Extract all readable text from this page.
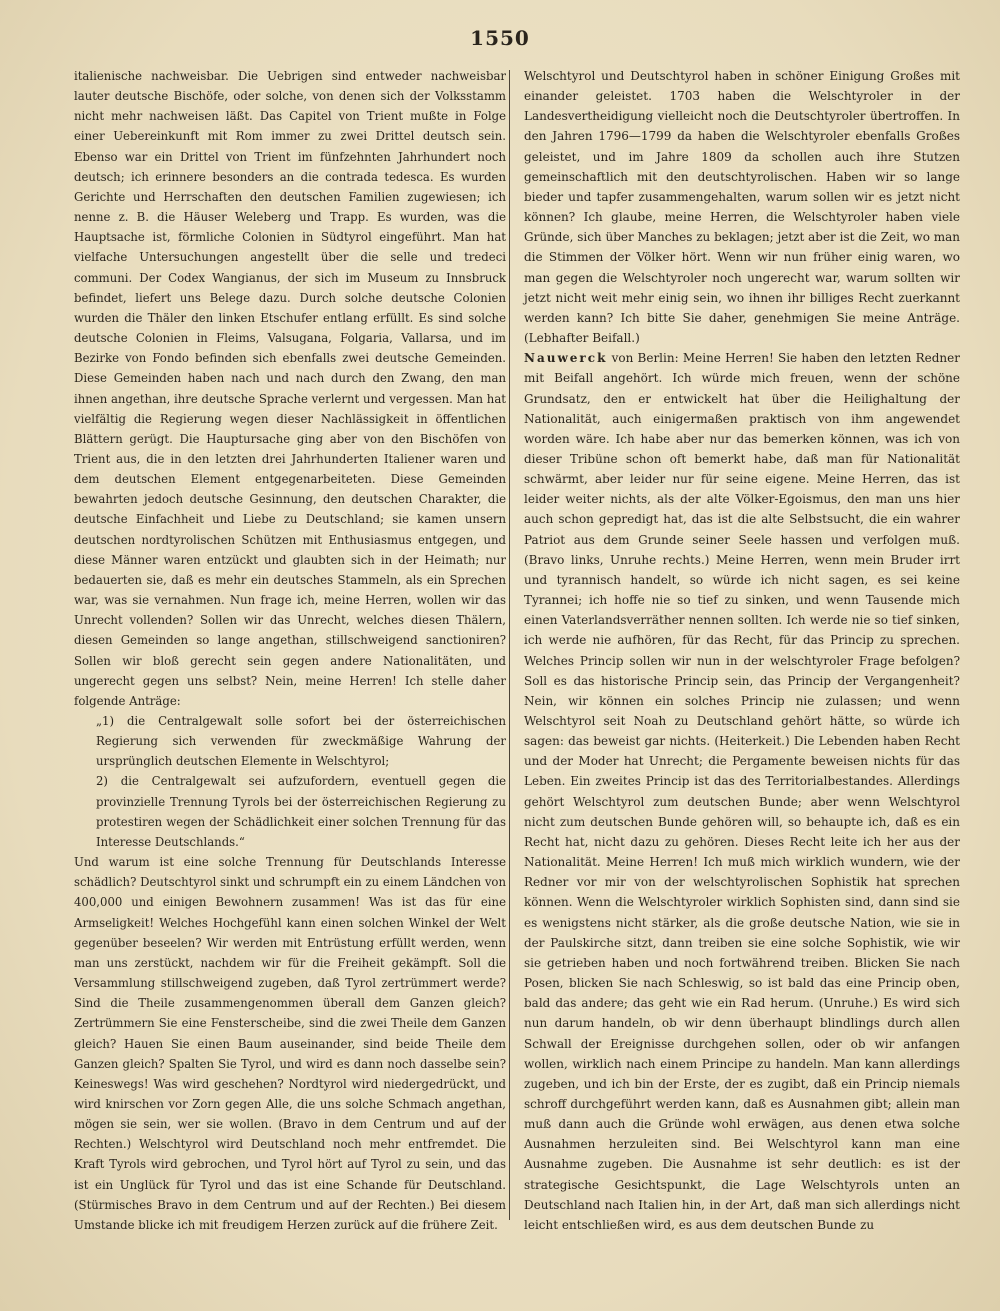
1550

italienische nachweisbar. Die Uebrigen sind entweder nachweisbar lauter deutsche Bischöfe, oder solche, von denen sich der Volksstamm nicht mehr nachweisen läßt. Das Capitel von Trient mußte in Folge einer Uebereinkunft mit Rom immer zu zwei Drittel deutsch sein. Ebenso war ein Drittel von Trient im fünfzehnten Jahrhundert noch deutsch; ich erinnere besonders an die contrada tedesca. Es wurden Gerichte und Herrschaften den deutschen Familien zugewiesen; ich nenne z. B. die Häuser Weleberg und Trapp. Es wurden, was die Hauptsache ist, förmliche Colonien in Südtyrol eingeführt. Man hat vielfache Untersuchungen angestellt über die selle und tredeci communi. Der Codex Wangianus, der sich im Museum zu Innsbruck befindet, liefert uns Belege dazu. Durch solche deutsche Colonien wurden die Thäler den linken Etschufer entlang erfüllt. Es sind solche deutsche Colonien in Fleims, Valsugana, Folgaria, Vallarsa, und im Bezirke von Fondo befinden sich ebenfalls zwei deutsche Gemeinden. Diese Gemeinden haben nach und nach durch den Zwang, den man ihnen angethan, ihre deutsche Sprache verlernt und vergessen. Man hat vielfältig die Regierung wegen dieser Nachlässigkeit in öffentlichen Blättern gerügt. Die Hauptursache ging aber von den Bischöfen von Trient aus, die in den letzten drei Jahrhunderten Italiener waren und dem deutschen Element entgegenarbeiteten. Diese Gemeinden bewahrten jedoch deutsche Gesinnung, den deutschen Charakter, die deutsche Einfachheit und Liebe zu Deutschland; sie kamen unsern deutschen nordtyrolischen Schützen mit Enthusiasmus entgegen, und diese Männer waren entzückt und glaubten sich in der Heimath; nur bedauerten sie, daß es mehr ein deutsches Stammeln, als ein Sprechen war, was sie vernahmen. Nun frage ich, meine Herren, wollen wir das Unrecht vollenden? Sollen wir das Unrecht, welches diesen Thälern, diesen Gemeinden so lange angethan, stillschweigend sanctioniren? Sollen wir bloß gerecht sein gegen andere Nationalitäten, und ungerecht gegen uns selbst? Nein, meine Herren! Ich stelle daher folgende Anträge:

„1) die Centralgewalt solle sofort bei der österreichischen Regierung sich verwenden für zweckmäßige Wahrung der ursprünglich deutschen Elemente in Welschtyrol;

2) die Centralgewalt sei aufzufordern, eventuell gegen die provinzielle Trennung Tyrols bei der österreichischen Regierung zu protestiren wegen der Schädlichkeit einer solchen Trennung für das Interesse Deutschlands.“

Und warum ist eine solche Trennung für Deutschlands Interesse schädlich? Deutschtyrol sinkt und schrumpft ein zu einem Ländchen von 400,000 und einigen Bewohnern zusammen! Was ist das für eine Armseligkeit! Welches Hochgefühl kann einen solchen Winkel der Welt gegenüber beseelen? Wir werden mit Entrüstung erfüllt werden, wenn man uns zerstückt, nachdem wir für die Freiheit gekämpft. Soll die Versammlung stillschweigend zugeben, daß Tyrol zertrümmert werde? Sind die Theile zusammengenommen überall dem Ganzen gleich? Zertrümmern Sie eine Fensterscheibe, sind die zwei Theile dem Ganzen gleich? Hauen Sie einen Baum auseinander, sind beide Theile dem Ganzen gleich? Spalten Sie Tyrol, und wird es dann noch dasselbe sein? Keineswegs! Was wird geschehen? Nordtyrol wird niedergedrückt, und wird knirschen vor Zorn gegen Alle, die uns solche Schmach angethan, mögen sie sein, wer sie wollen. (Bravo in dem Centrum und auf der Rechten.) Welschtyrol wird Deutschland noch mehr entfremdet. Die Kraft Tyrols wird gebrochen, und Tyrol hört auf Tyrol zu sein, und das ist ein Unglück für Tyrol und das ist eine Schande für Deutschland. (Stürmisches Bravo in dem Centrum und auf der Rechten.) Bei diesem Umstande blicke ich mit freudigem Herzen zurück auf die frühere Zeit.

Welschtyrol und Deutschtyrol haben in schöner Einigung Großes mit einander geleistet. 1703 haben die Welschtyroler in der Landesvertheidigung vielleicht noch die Deutschtyroler übertroffen. In den Jahren 1796—1799 da haben die Welschtyroler ebenfalls Großes geleistet, und im Jahre 1809 da schollen auch ihre Stutzen gemeinschaftlich mit den deutschtyrolischen. Haben wir so lange bieder und tapfer zusammengehalten, warum sollen wir es jetzt nicht können? Ich glaube, meine Herren, die Welschtyroler haben viele Gründe, sich über Manches zu beklagen; jetzt aber ist die Zeit, wo man die Stimmen der Völker hört. Wenn wir nun früher einig waren, wo man gegen die Welschtyroler noch ungerecht war, warum sollten wir jetzt nicht weit mehr einig sein, wo ihnen ihr billiges Recht zuerkannt werden kann? Ich bitte Sie daher, genehmigen Sie meine Anträge. (Lebhafter Beifall.)

Nauwerck von Berlin: Meine Herren! Sie haben den letzten Redner mit Beifall angehört. Ich würde mich freuen, wenn der schöne Grundsatz, den er entwickelt hat über die Heilighaltung der Nationalität, auch einigermaßen praktisch von ihm angewendet worden wäre. Ich habe aber nur das bemerken können, was ich von dieser Tribüne schon oft bemerkt habe, daß man für Nationalität schwärmt, aber leider nur für seine eigene. Meine Herren, das ist leider weiter nichts, als der alte Völker-Egoismus, den man uns hier auch schon gepredigt hat, das ist die alte Selbstsucht, die ein wahrer Patriot aus dem Grunde seiner Seele hassen und verfolgen muß. (Bravo links, Unruhe rechts.) Meine Herren, wenn mein Bruder irrt und tyrannisch handelt, so würde ich nicht sagen, es sei keine Tyrannei; ich hoffe nie so tief zu sinken, und wenn Tausende mich einen Vaterlandsverräther nennen sollten. Ich werde nie so tief sinken, ich werde nie aufhören, für das Recht, für das Princip zu sprechen. Welches Princip sollen wir nun in der welschtyroler Frage befolgen? Soll es das historische Princip sein, das Princip der Vergangenheit? Nein, wir können ein solches Princip nie zulassen; und wenn Welschtyrol seit Noah zu Deutschland gehört hätte, so würde ich sagen: das beweist gar nichts. (Heiterkeit.) Die Lebenden haben Recht und der Moder hat Unrecht; die Pergamente beweisen nichts für das Leben. Ein zweites Princip ist das des Territorialbestandes. Allerdings gehört Welschtyrol zum deutschen Bunde; aber wenn Welschtyrol nicht zum deutschen Bunde gehören will, so behaupte ich, daß es ein Recht hat, nicht dazu zu gehören. Dieses Recht leite ich her aus der Nationalität. Meine Herren! Ich muß mich wirklich wundern, wie der Redner vor mir von der welschtyrolischen Sophistik hat sprechen können. Wenn die Welschtyroler wirklich Sophisten sind, dann sind sie es wenigstens nicht stärker, als die große deutsche Nation, wie sie in der Paulskirche sitzt, dann treiben sie eine solche Sophistik, wie wir sie getrieben haben und noch fortwährend treiben. Blicken Sie nach Posen, blicken Sie nach Schleswig, so ist bald das eine Princip oben, bald das andere; das geht wie ein Rad herum. (Unruhe.) Es wird sich nun darum handeln, ob wir denn überhaupt blindlings durch allen Schwall der Ereignisse durchgehen sollen, oder ob wir anfangen wollen, wirklich nach einem Principe zu handeln. Man kann allerdings zugeben, und ich bin der Erste, der es zugibt, daß ein Princip niemals schroff durchgeführt werden kann, daß es Ausnahmen gibt; allein man muß dann auch die Gründe wohl erwägen, aus denen etwa solche Ausnahmen herzuleiten sind. Bei Welschtyrol kann man eine Ausnahme zugeben. Die Ausnahme ist sehr deutlich: es ist der strategische Gesichtspunkt, die Lage Welschtyrols unten an Deutschland nach Italien hin, in der Art, daß man sich allerdings nicht leicht entschließen wird, es aus dem deutschen Bunde zu
